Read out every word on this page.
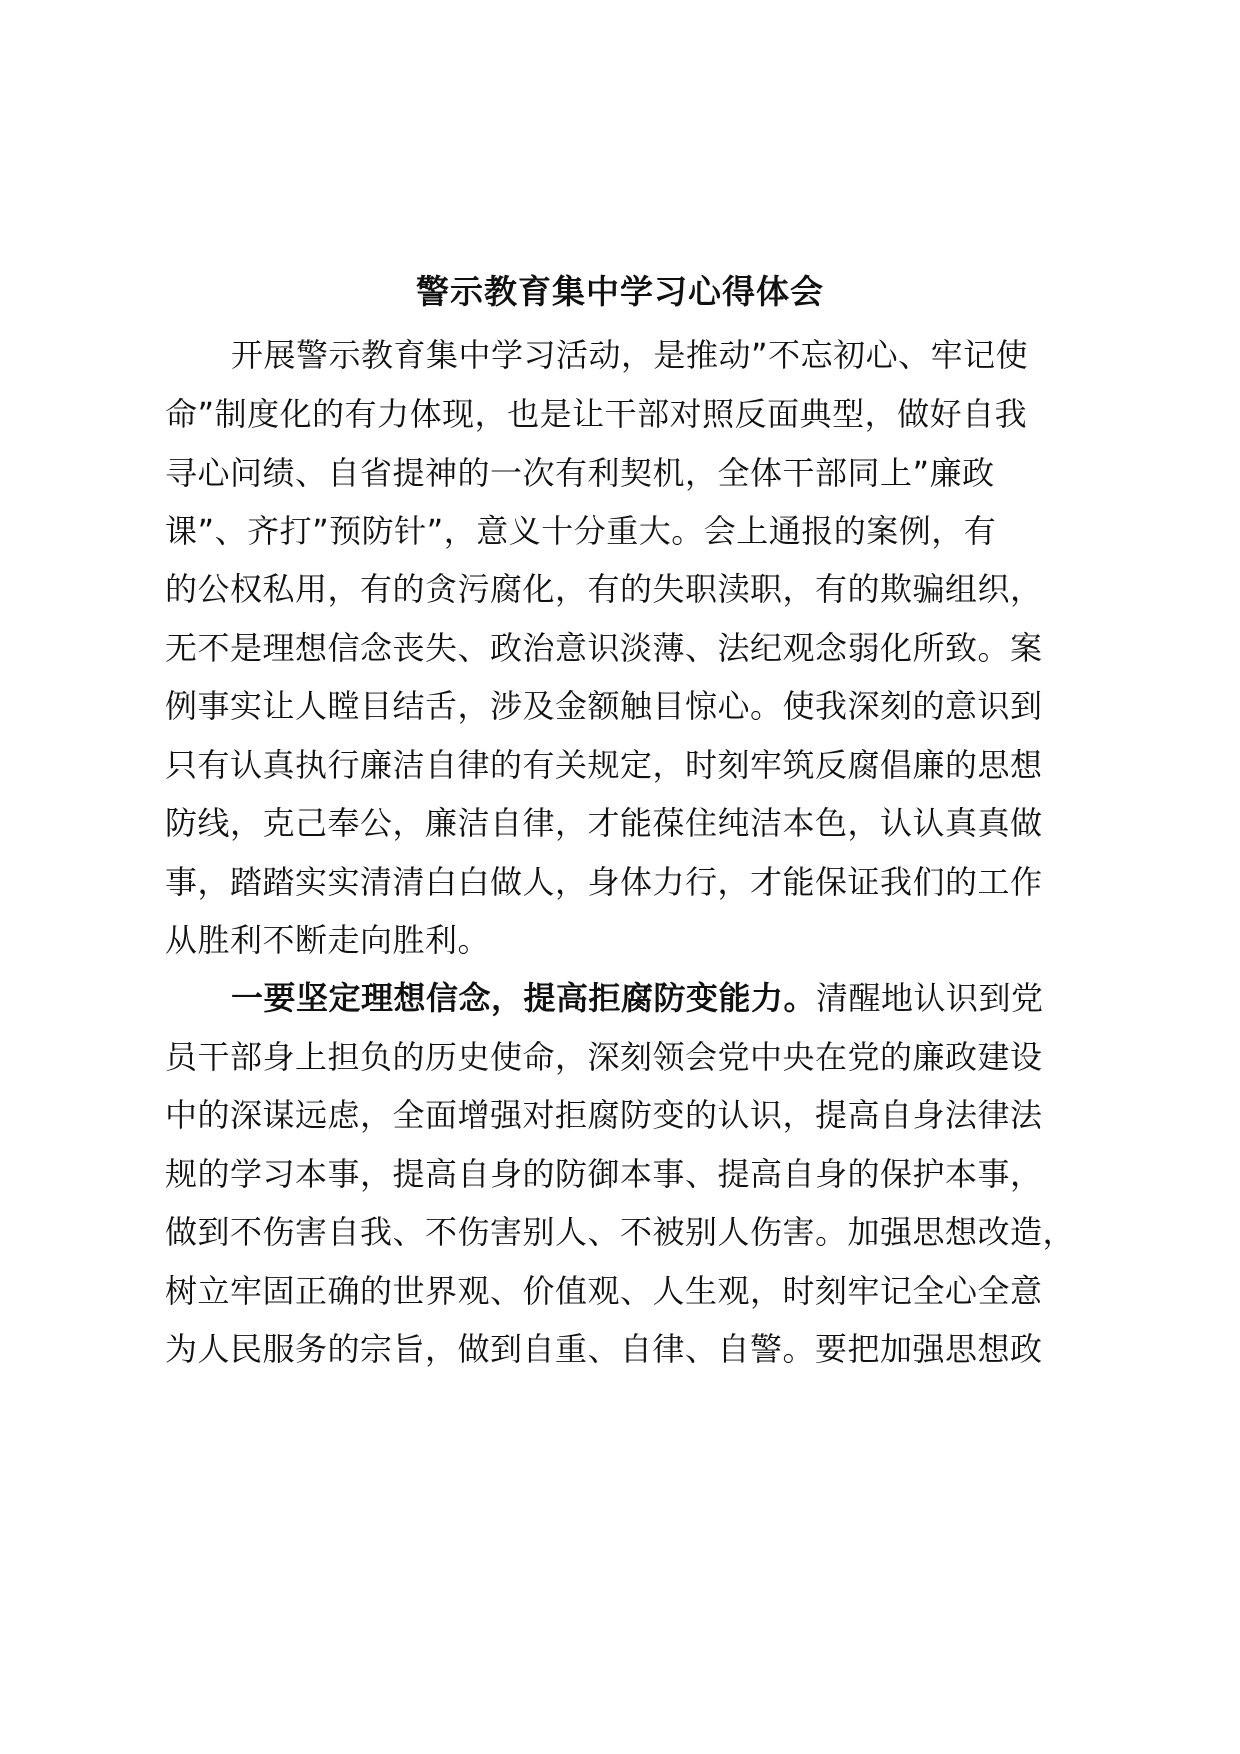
警示教育集中学习心得体会
开展警示教育集中学习活动，是推动”不忘初心、牢记使
命”制度化的有力体现，也是让干部对照反面典型，做好自我
寻心问绩、自省提神的一次有利契机，全体干部同上”廉政
课”、齐打”预防针”，意义十分重大。会上通报的案例，有
的公权私用，有的贪污腐化，有的失职渎职，有的欺骗组织，
无不是理想信念丧失、政治意识淡薄、法纪观念弱化所致。案
例事实让人瞠目结舌，涉及金额触目惊心。使我深刻的意识到
只有认真执行廉洁自律的有关规定，时刻牢筑反腐倡廉的思想
防线，克己奉公，廉洁自律，才能葆住纯洁本色，认认真真做
事，踏踏实实清清白白做人，身体力行，才能保证我们的工作
从胜利不断走向胜利。
一要坚定理想信念，提高拒腐防变能力。清醒地认识到党
员干部身上担负的历史使命，深刻领会党中央在党的廉政建设
中的深谋远虑，全面增强对拒腐防变的认识，提高自身法律法
规的学习本事，提高自身的防御本事、提高自身的保护本事，
做到不伤害自我、不伤害别人、不被别人伤害。加强思想改造，
树立牢固正确的世界观、价值观、人生观，时刻牢记全心全意
为人民服务的宗旨，做到自重、自律、自警。要把加强思想政
